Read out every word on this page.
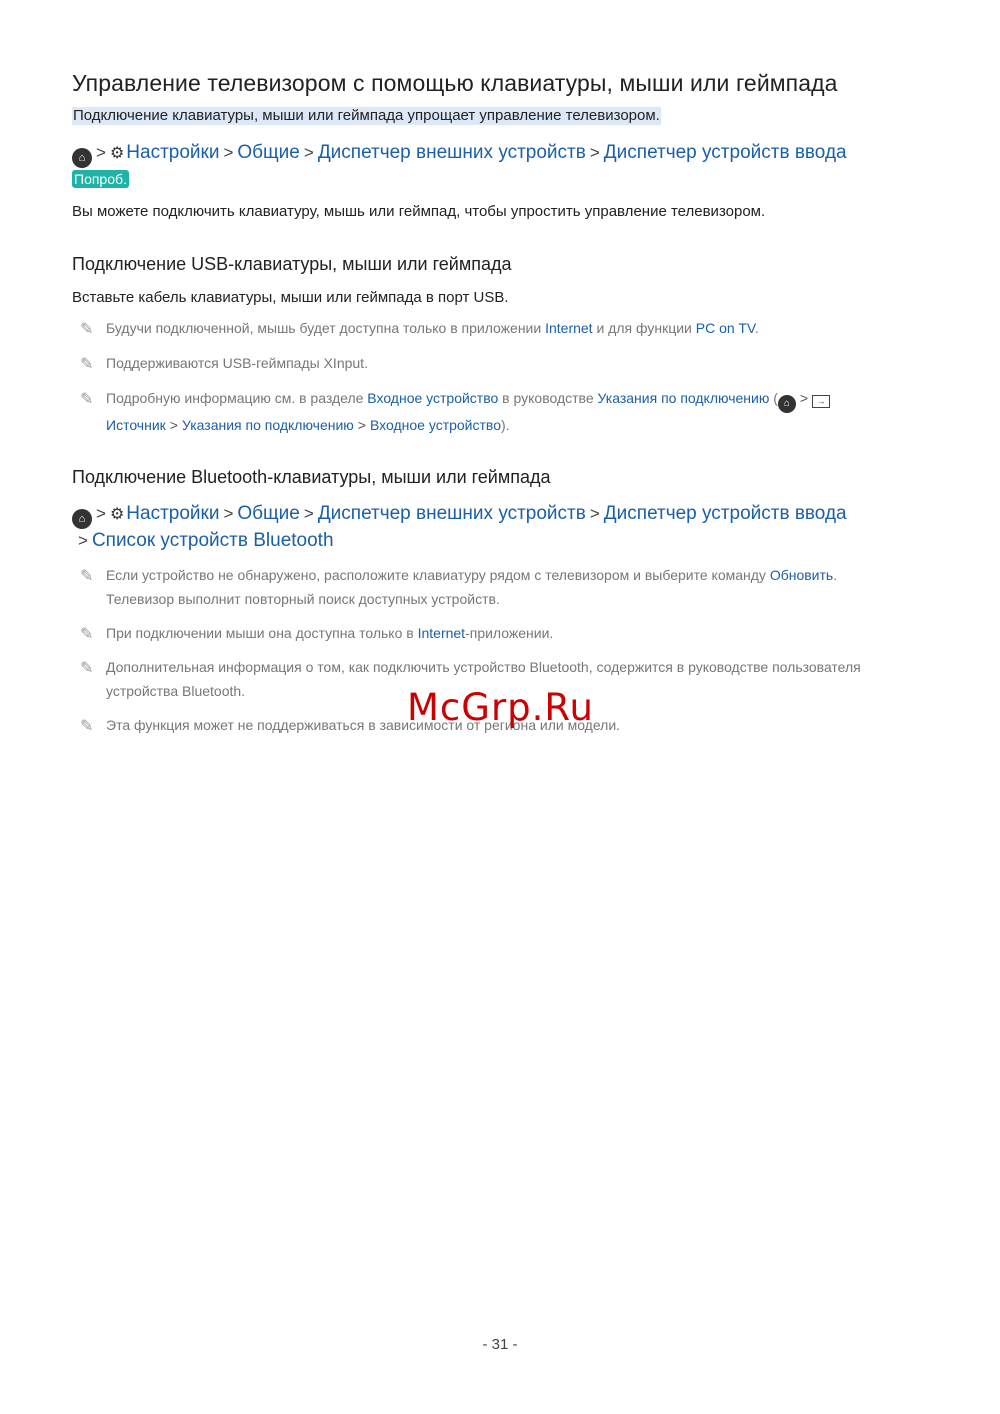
Управление телевизором с помощью клавиатуры, мыши или геймпада
Подключение клавиатуры, мыши или геймпада упрощает управление телевизором.
⌂ > ⚙ Настройки > Общие > Диспетчер внешних устройств > Диспетчер устройств ввода
Попроб.

Вы можете подключить клавиатуру, мышь или геймпад, чтобы упростить управление телевизором.

Подключение USB-клавиатуры, мыши или геймпада

Вставьте кабель клавиатуры, мыши или геймпада в порт USB.

✎ Будучи подключенной, мышь будет доступна только в приложении Internet и для функции PC on TV.
✎ Поддерживаются USB-геймпады XInput.
✎ Подробную информацию см. в разделе Входное устройство в руководстве Указания по подключению ( ⌂ > →
Источник > Указания по подключению > Входное устройство).
Подключение Bluetooth-клавиатуры, мыши или геймпада
⌂ > ⚙ Настройки > Общие > Диспетчер внешних устройств > Диспетчер устройств ввода
> Список устройств Bluetooth
✎ Если устройство не обнаружено, расположите клавиатуру рядом с телевизором и выберите команду Обновить.
Телевизор выполнит повторный поиск доступных устройств.
✎ При подключении мыши она доступна только в Internet-приложении.
✎ Дополнительная информация о том, как подключить устройство Bluetooth, содержится в руководстве пользователя устройства Bluetooth.
✎ Эта функция может не поддерживаться в зависимости от региона или модели.
McGrp.Ru
- 31 -
